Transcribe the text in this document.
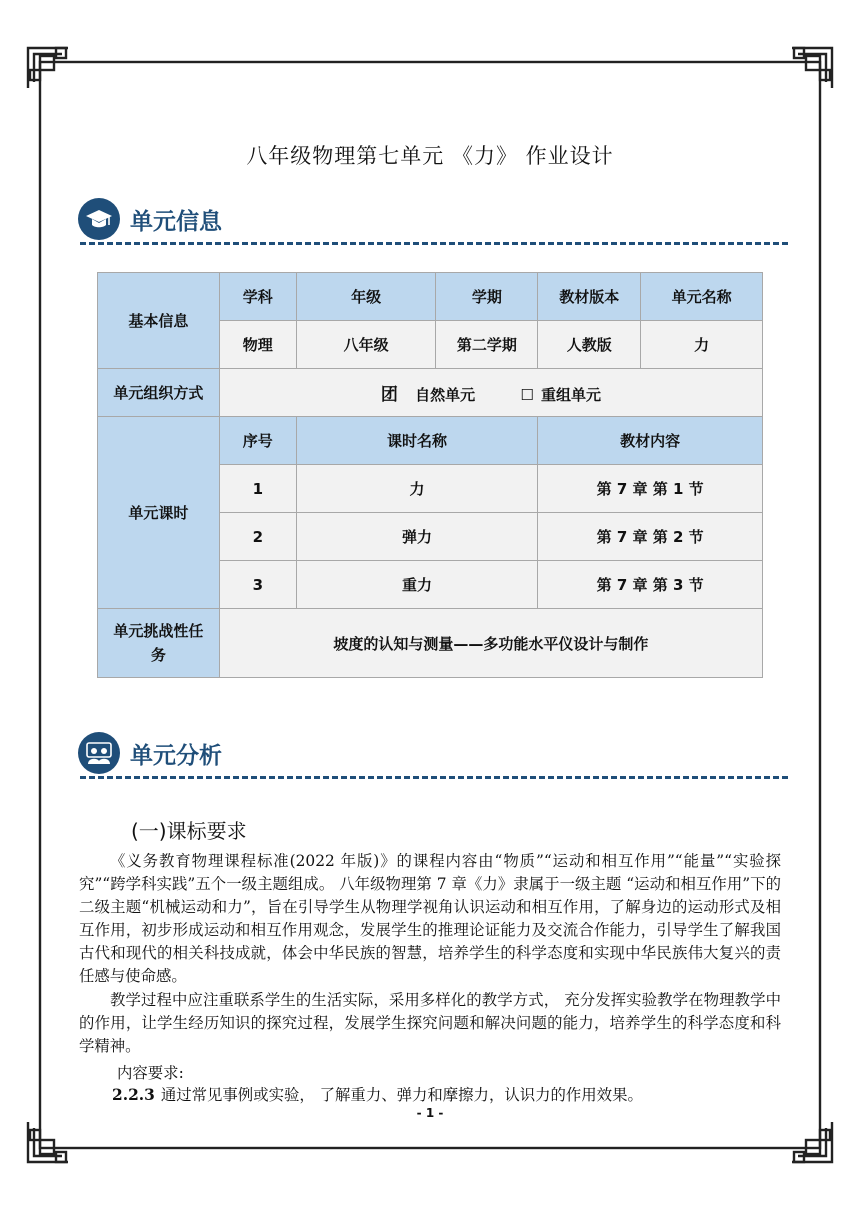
八年级物理第七单元 《力》 作业设计
单元信息
基本信息	学科	年级	学期	教材版本	单元名称
	物理	八年级	第二学期	人教版	力
单元组织方式	团 自然单元 ☐ 重组单元				
单元课时	序号	课时名称		教材内容	
	1	力		第 7 章 第 1 节	
	2	弹力		第 7 章 第 2 节	
	3	重力		第 7 章 第 3 节	
单元挑战性任务	坡度的认知与测量——多功能水平仪设计与制作				
单元分析
(一)课标要求
《义务教育物理课程标准(2022 年版)》的课程内容由“物质”“运动和相互作用”“能量”“实验探究”“跨学科实践”五个一级主题组成。 八年级物理第 7 章《力》隶属于一级主题 “运动和相互作用”下的二级主题“机械运动和力”，旨在引导学生从物理学视角认识运动和相互作用，了解身边的运动形式及相互作用，初步形成运动和相互作用观念，发展学生的推理论证能力及交流合作能力，引导学生了解我国古代和现代的相关科技成就，体会中华民族的智慧，培养学生的科学态度和实现中华民族伟大复兴的责任感与使命感。
教学过程中应注重联系学生的生活实际，采用多样化的教学方式， 充分发挥实验教学在物理教学中的作用，让学生经历知识的探究过程，发展学生探究问题和解决问题的能力，培养学生的科学态度和科学精神。
内容要求:
2.2.3 通过常见事例或实验， 了解重力、弹力和摩擦力，认识力的作用效果。
- 1 -
